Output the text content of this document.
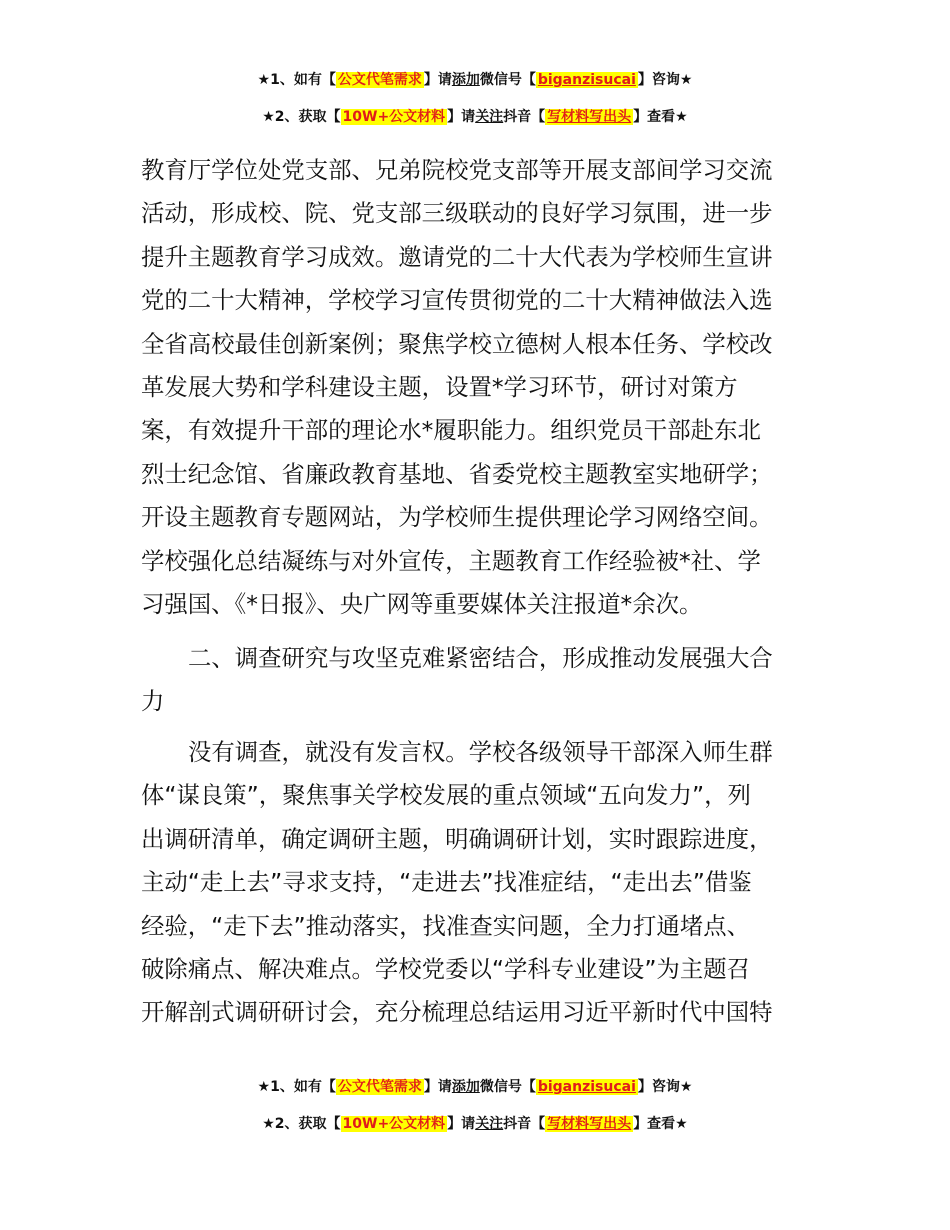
★1、如有【 公文代笔需求 】请添加微信号【 biganzisucai 】咨询★
★2、获取【 10W+公文材料 】请关注抖音【 写材料写出头 】查看★
教育厅学位处党支部、兄弟院校党支部等开展支部间学习交流
活动，形成校、院、党支部三级联动的良好学习氛围，进一步
提升主题教育学习成效。邀请党的二十大代表为学校师生宣讲
党的二十大精神，学校学习宣传贯彻党的二十大精神做法入选
全省高校最佳创新案例；聚焦学校立德树人根本任务、学校改
革发展大势和学科建设主题，设置*学习环节，研讨对策方
案，有效提升干部的理论水*履职能力。组织党员干部赴东北
烈士纪念馆、省廉政教育基地、省委党校主题教室实地研学；
开设主题教育专题网站，为学校师生提供理论学习网络空间。
学校强化总结凝练与对外宣传，主题教育工作经验被*社、学
习强国、《*日报》、央广网等重要媒体关注报道*余次。
二、调查研究与攻坚克难紧密结合，形成推动发展强大合
力
没有调查，就没有发言权。学校各级领导干部深入师生群
体“谋良策”，聚焦事关学校发展的重点领域“五向发力”，列
出调研清单，确定调研主题，明确调研计划，实时跟踪进度，
主动“走上去”寻求支持，“走进去”找准症结，“走出去”借鉴
经验，“走下去”推动落实，找准查实问题，全力打通堵点、
破除痛点、解决难点。学校党委以“学科专业建设”为主题召
开解剖式调研研讨会，充分梳理总结运用习近平新时代中国特
★1、如有【 公文代笔需求 】请添加微信号【 biganzisucai 】咨询★
★2、获取【 10W+公文材料 】请关注抖音【 写材料写出头 】查看★
